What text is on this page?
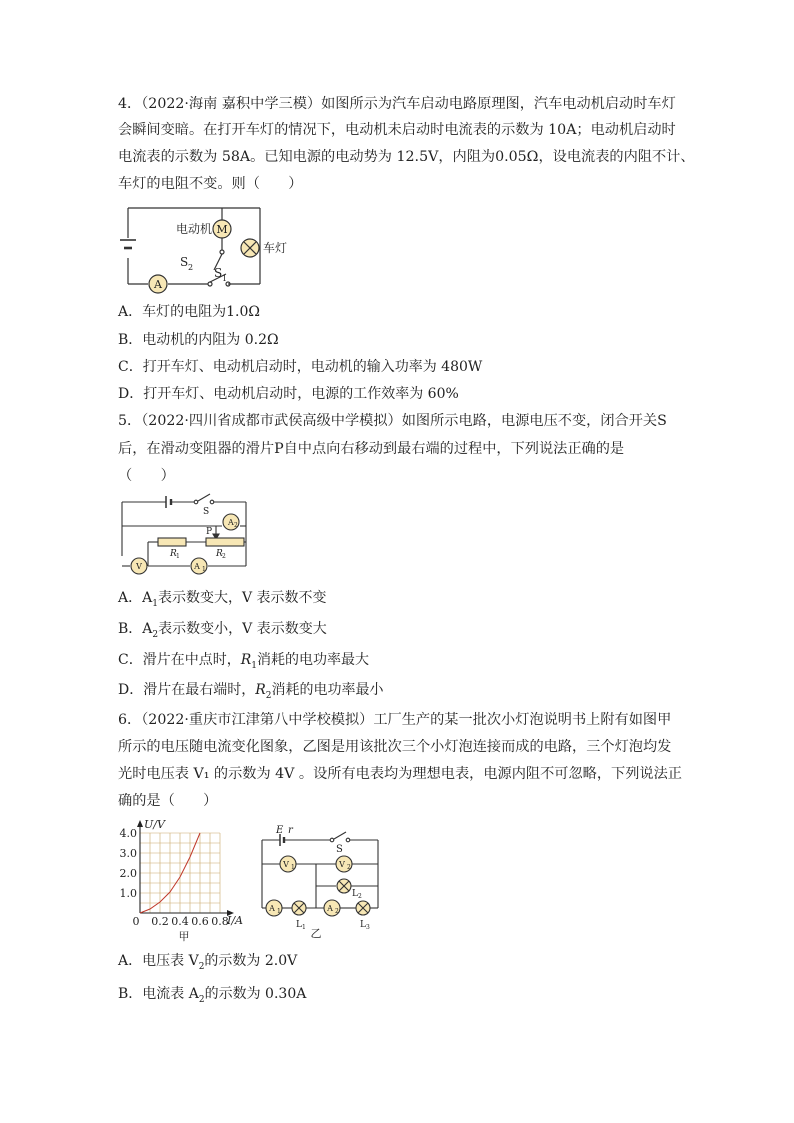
4．（2022·海南 嘉积中学三模）如图所示为汽车启动电路原理图，汽车电动机启动时车灯
会瞬间变暗。在打开车灯的情况下，电动机未启动时电流表的示数为 10A；电动机启动时
电流表的示数为 58A。已知电源的电动势为 12.5V，内阻为0.05Ω，设电流表的内阻不计、
车灯的电阻不变。则（　　）
M
电动机
车灯
A
S 2 S 1
A．车灯的电阻为1.0Ω
B．电动机的内阻为 0.2Ω
C．打开车灯、电动机启动时，电动机的输入功率为 480W
D．打开车灯、电动机启动时，电源的工作效率为 60%
5．（2022·四川省成都市武侯高级中学模拟）如图所示电路，电源电压不变，闭合开关S
后，在滑动变阻器的滑片P自中点向右移动到最右端的过程中，下列说法正确的是
（　　）
S
P
A 2
R 1	R 2
V	A 1
A．$A_1$表示数变大，V 表示数不变
B．$A_2$表示数变小，V 表示数变大
C．滑片在中点时，$R_1$消耗的电功率最大
D．滑片在最右端时，$R_2$消耗的电功率最小
6．（2022·重庆市江津第八中学校模拟）工厂生产的某一批次小灯泡说明书上附有如图甲
所示的电压随电流变化图象，乙图是用该批次三个小灯泡连接而成的电路，三个灯泡均发
光时电压表 V₁ 的示数为 4V 。设所有电表均为理想电表，电源内阻不可忽略，下列说法正
确的是（　　）
4.0
3.0
2.0
1.0
0 0.2 0.4 0.6 0.8
U/V
I/A
甲
E r
S
V 1	V 2
L 2
A 1	A 2
L 1	L 3
乙
A．电压表 $V_2$的示数为 2.0V
B．电流表 $A_2$的示数为 0.30A
